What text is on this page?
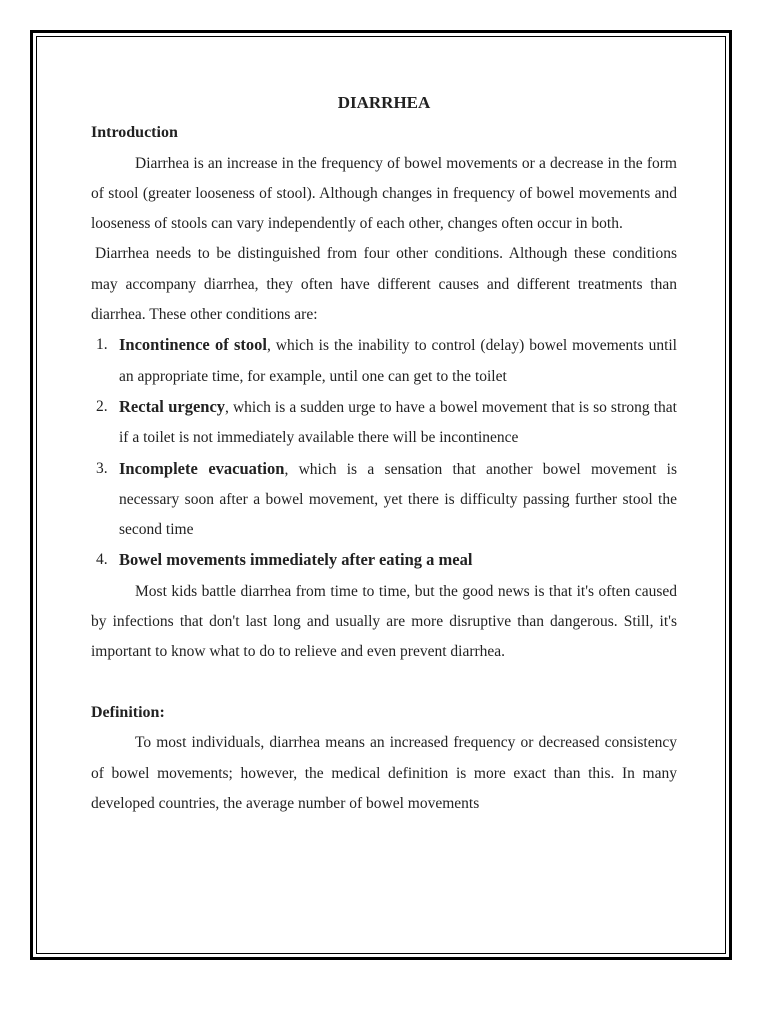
DIARRHEA
Introduction

Diarrhea is an increase in the frequency of bowel movements or a decrease in the form of stool (greater looseness of stool). Although changes in frequency of bowel movements and looseness of stools can vary independently of each other, changes often occur in both.

Diarrhea needs to be distinguished from four other conditions. Although these conditions may accompany diarrhea, they often have different causes and different treatments than diarrhea. These other conditions are:

1. Incontinence of stool, which is the inability to control (delay) bowel movements until an appropriate time, for example, until one can get to the toilet
2. Rectal urgency, which is a sudden urge to have a bowel movement that is so strong that if a toilet is not immediately available there will be incontinence
3. Incomplete evacuation, which is a sensation that another bowel movement is necessary soon after a bowel movement, yet there is difficulty passing further stool the second time
4. Bowel movements immediately after eating a meal

Most kids battle diarrhea from time to time, but the good news is that it's often caused by infections that don't last long and usually are more disruptive than dangerous. Still, it's important to know what to do to relieve and even prevent diarrhea.

Definition:

To most individuals, diarrhea means an increased frequency or decreased consistency of bowel movements; however, the medical definition is more exact than this. In many developed countries, the average number of bowel movements
